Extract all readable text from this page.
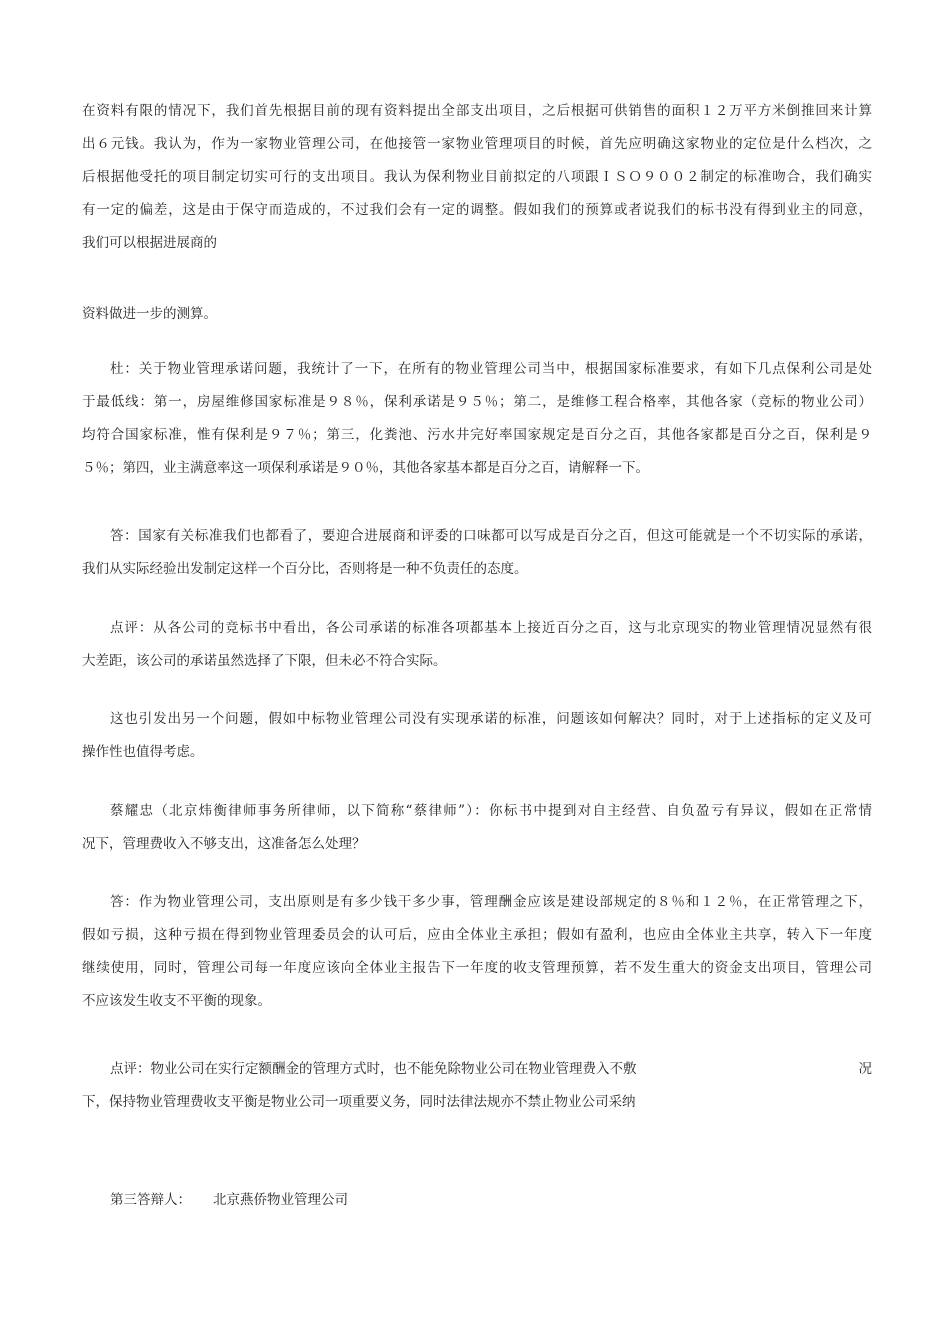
在资料有限的情况下，我们首先根据目前的现有资料提出全部支出项目，之后根据可供销售的面积１２万平方米倒推回来计算
出６元钱。我认为，作为一家物业管理公司，在他接管一家物业管理项目的时候，首先应明确这家物业的定位是什么档次，之
后根据他受托的项目制定切实可行的支出项目。我认为保利物业目前拟定的八项跟ＩＳＯ９００２制定的标准吻合，我们确实
有一定的偏差，这是由于保守而造成的，不过我们会有一定的调整。假如我们的预算或者说我们的标书没有得到业主的同意，
我们可以根据进展商的
资料做进一步的测算。
杜：关于物业管理承诺问题，我统计了一下，在所有的物业管理公司当中，根据国家标准要求，有如下几点保利公司是处
于最低线：第一，房屋维修国家标准是９８％，保利承诺是９５％；第二，是维修工程合格率，其他各家（竞标的物业公司）
均符合国家标准，惟有保利是９７％；第三，化粪池、污水井完好率国家规定是百分之百，其他各家都是百分之百，保利是９
５％；第四，业主满意率这一项保利承诺是９０％，其他各家基本都是百分之百，请解释一下。
答：国家有关标准我们也都看了，要迎合进展商和评委的口味都可以写成是百分之百，但这可能就是一个不切实际的承诺，
我们从实际经验出发制定这样一个百分比，否则将是一种不负责任的态度。
点评：从各公司的竞标书中看出，各公司承诺的标准各项都基本上接近百分之百，这与北京现实的物业管理情况显然有很
大差距，该公司的承诺虽然选择了下限，但未必不符合实际。
这也引发出另一个问题，假如中标物业管理公司没有实现承诺的标准，问题该如何解决？同时，对于上述指标的定义及可
操作性也值得考虑。
蔡耀忠（北京炜衡律师事务所律师，以下简称“蔡律师”）：你标书中提到对自主经营、自负盈亏有异议，假如在正常情
况下，管理费收入不够支出，这准备怎么处理？
答：作为物业管理公司，支出原则是有多少钱干多少事，管理酬金应该是建设部规定的８％和１２％，在正常管理之下，
假如亏损，这种亏损在得到物业管理委员会的认可后，应由全体业主承担；假如有盈利，也应由全体业主共享，转入下一年度
继续使用，同时，管理公司每一年度应该向全体业主报告下一年度的收支管理预算，若不发生重大的资金支出项目，管理公司
不应该发生收支不平衡的现象。
点评：物业公司在实行定额酬金的管理方式时，也不能免除物业公司在物业管理费入不敷	况
下，保持物业管理费收支平衡是物业公司一项重要义务，同时法律法规亦不禁止物业公司采纳
第三答辩人： 北京燕侨物业管理公司
